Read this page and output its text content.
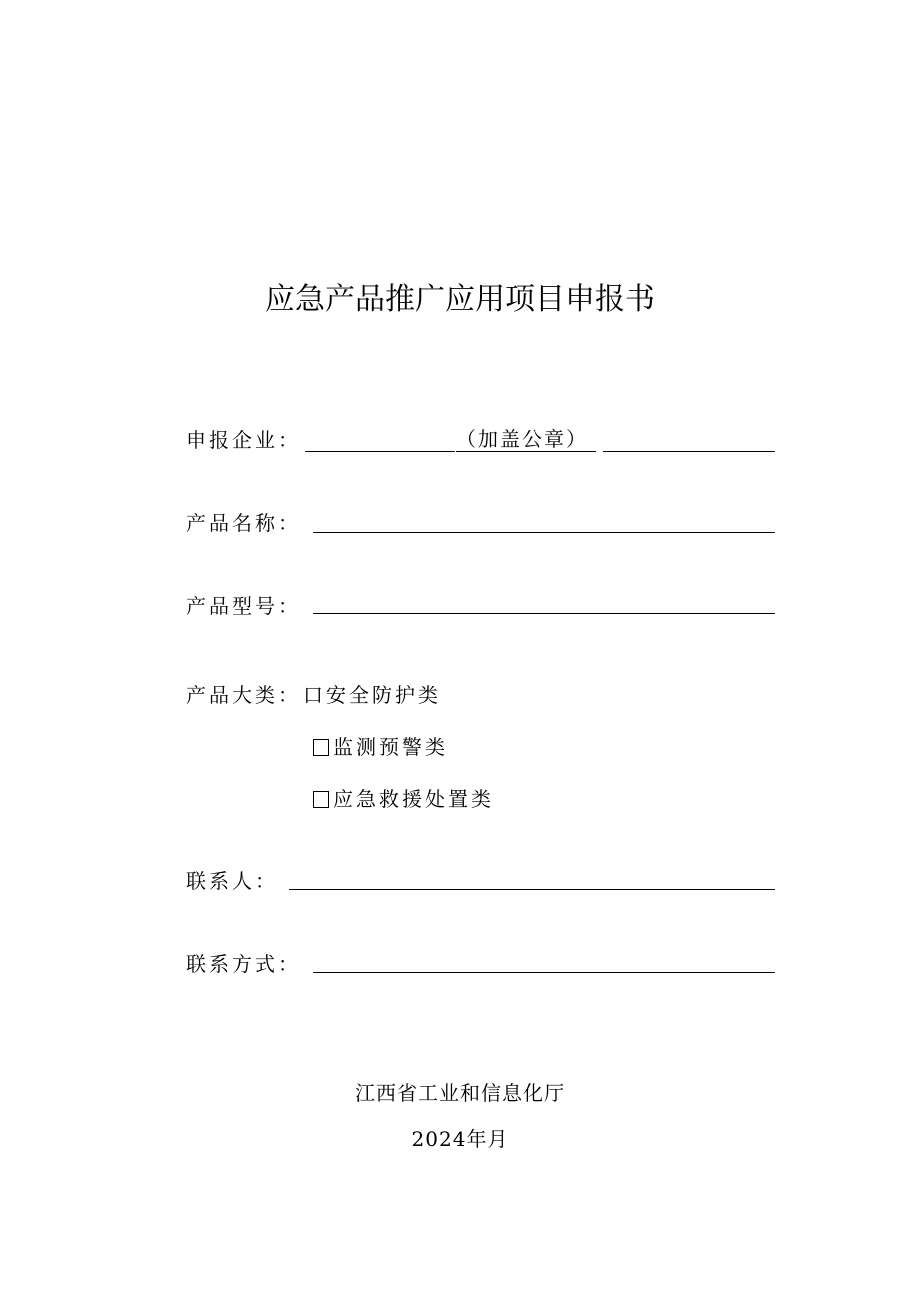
应急产品推广应用项目申报书
申报企业：	（加盖公章）
产品名称：
产品型号：
产品大类： 口安全防护类
监测预警类
应急救援处置类
联系人：
联系方式：
江西省工业和信息化厅
2024年月
